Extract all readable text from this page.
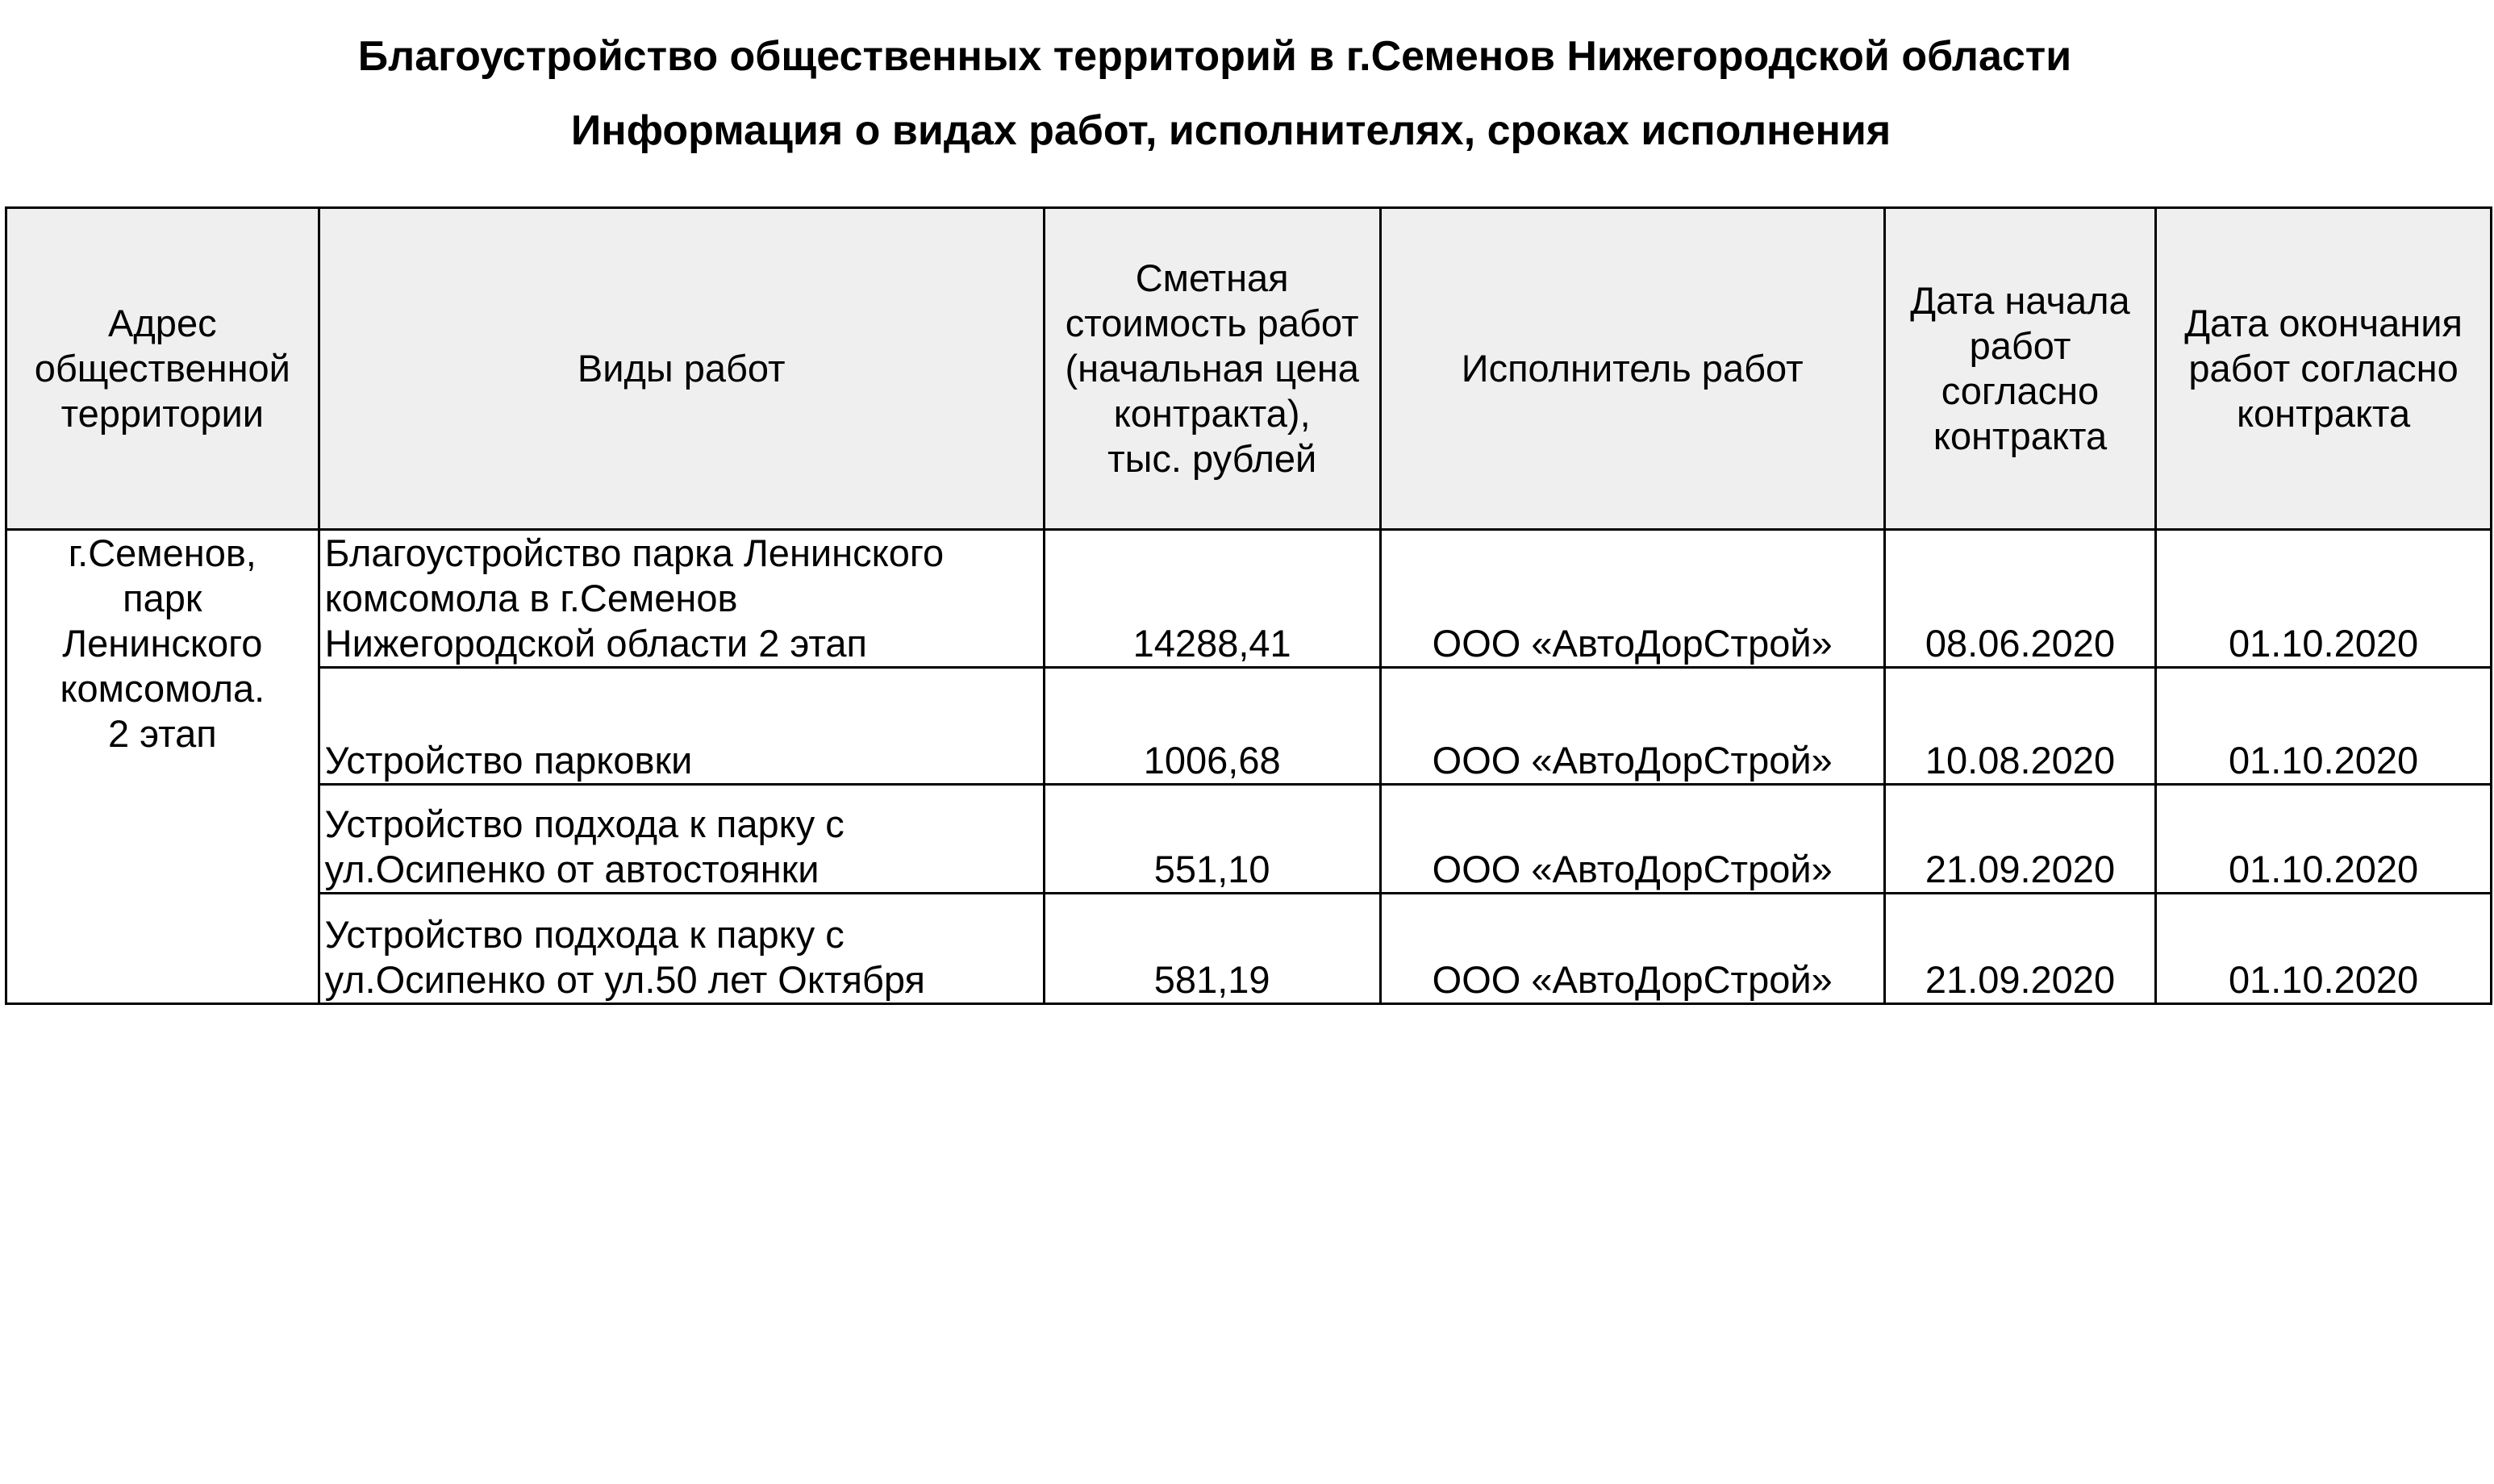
Благоустройство общественных территорий в г.Семенов Нижегородской области
Информация о видах работ, исполнителях, сроках исполнения
Адрес
общественной
территории	Виды работ	Сметная
стоимость работ
(начальная цена
контракта),
тыс. рублей	Исполнитель работ	Дата начала
работ
согласно
контракта	Дата окончания
работ согласно
контракта
г.Семенов,
парк
Ленинского
комсомола.
2 этап	Благоустройство парка Ленинского
комсомола в г.Семенов
Нижегородской области 2 этап	14288,41	ООО «АвтоДорСтрой»	08.06.2020	01.10.2020
	Устройство парковки	1006,68	ООО «АвтоДорСтрой»	10.08.2020	01.10.2020
	Устройство подхода к парку с
ул.Осипенко от автостоянки	551,10	ООО «АвтоДорСтрой»	21.09.2020	01.10.2020
	Устройство подхода к парку с
ул.Осипенко от ул.50 лет Октября	581,19	ООО «АвтоДорСтрой»	21.09.2020	01.10.2020
